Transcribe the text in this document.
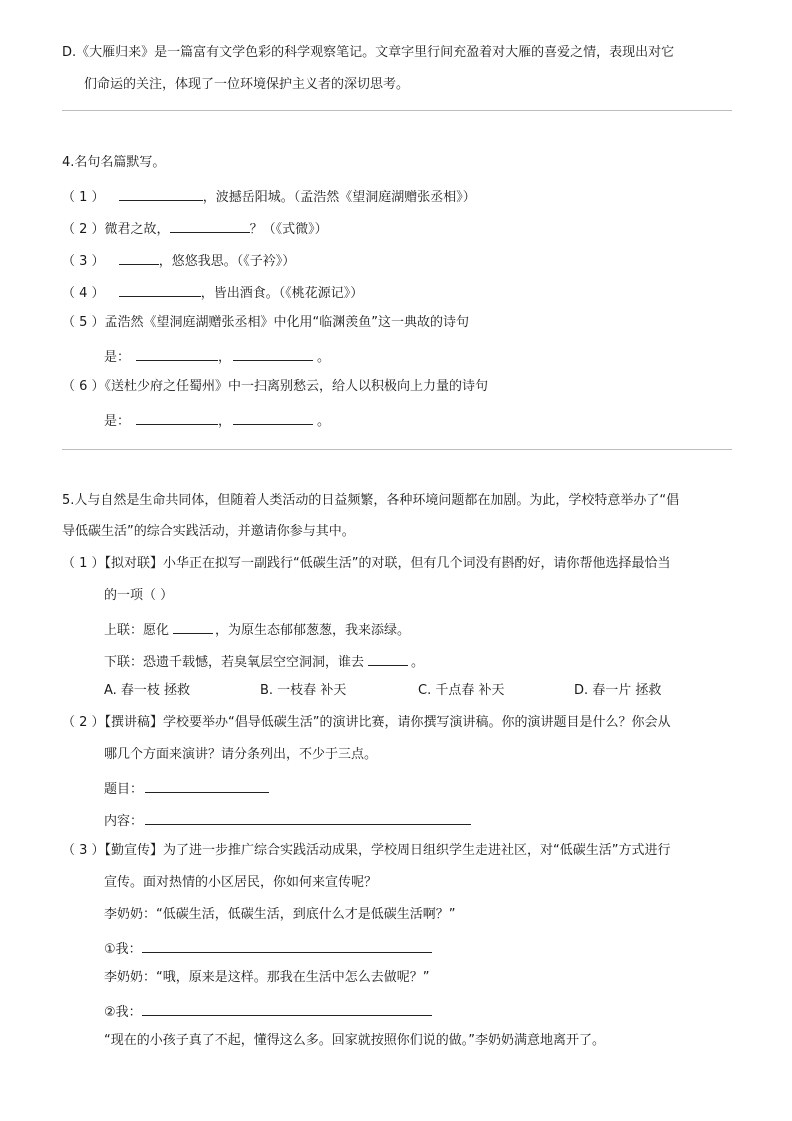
D.《大雁归来》是一篇富有文学色彩的科学观察笔记。文章字里行间充盈着对大雁的喜爱之情，表现出对它
们命运的关注，体现了一位环境保护主义者的深切思考。
4.名句名篇默写。
（ 1 ）	，波撼岳阳城。（孟浩然《望洞庭湖赠张丞相》）
（ 2 ）微君之故，	？（《式微》）
（ 3 ）	，悠悠我思。（《子衿》）
（ 4 ）	，皆出酒食。（《桃花源记》）
（ 5 ）孟浩然《望洞庭湖赠张丞相》中化用“临渊羡鱼”这一典故的诗句
是：	，	。
（ 6 ）《送杜少府之任蜀州》中一扫离别愁云，给人以积极向上力量的诗句
是：	，	。
5.人与自然是生命共同体，但随着人类活动的日益频繁，各种环境问题都在加剧。为此，学校特意举办了“倡
导低碳生活”的综合实践活动，并邀请你参与其中。
（ 1 ）【拟对联】小华正在拟写一副践行“低碳生活”的对联，但有几个词没有斟酌好，请你帮他选择最恰当
的一项（ ）
上联：愿化	，为原生态郁郁葱葱，我来添绿。
下联：恐遗千载憾，若臭氧层空空洞洞，谁去	。
A. 春一枝 拯救	B. 一枝春 补天	C. 千点春 补天	D. 春一片 拯救
（ 2 ）【撰讲稿】学校要举办“倡导低碳生活”的演讲比赛，请你撰写演讲稿。你的演讲题目是什么？你会从
哪几个方面来演讲？请分条列出，不少于三点。
题目：
内容：
（ 3 ）【勤宣传】为了进一步推广综合实践活动成果，学校周日组织学生走进社区，对“低碳生活”方式进行
宣传。面对热情的小区居民，你如何来宣传呢？
李奶奶：“低碳生活，低碳生活，到底什么才是低碳生活啊？”
①我：
李奶奶：“哦，原来是这样。那我在生活中怎么去做呢？”
②我：
“现在的小孩子真了不起，懂得这么多。回家就按照你们说的做。”李奶奶满意地离开了。
